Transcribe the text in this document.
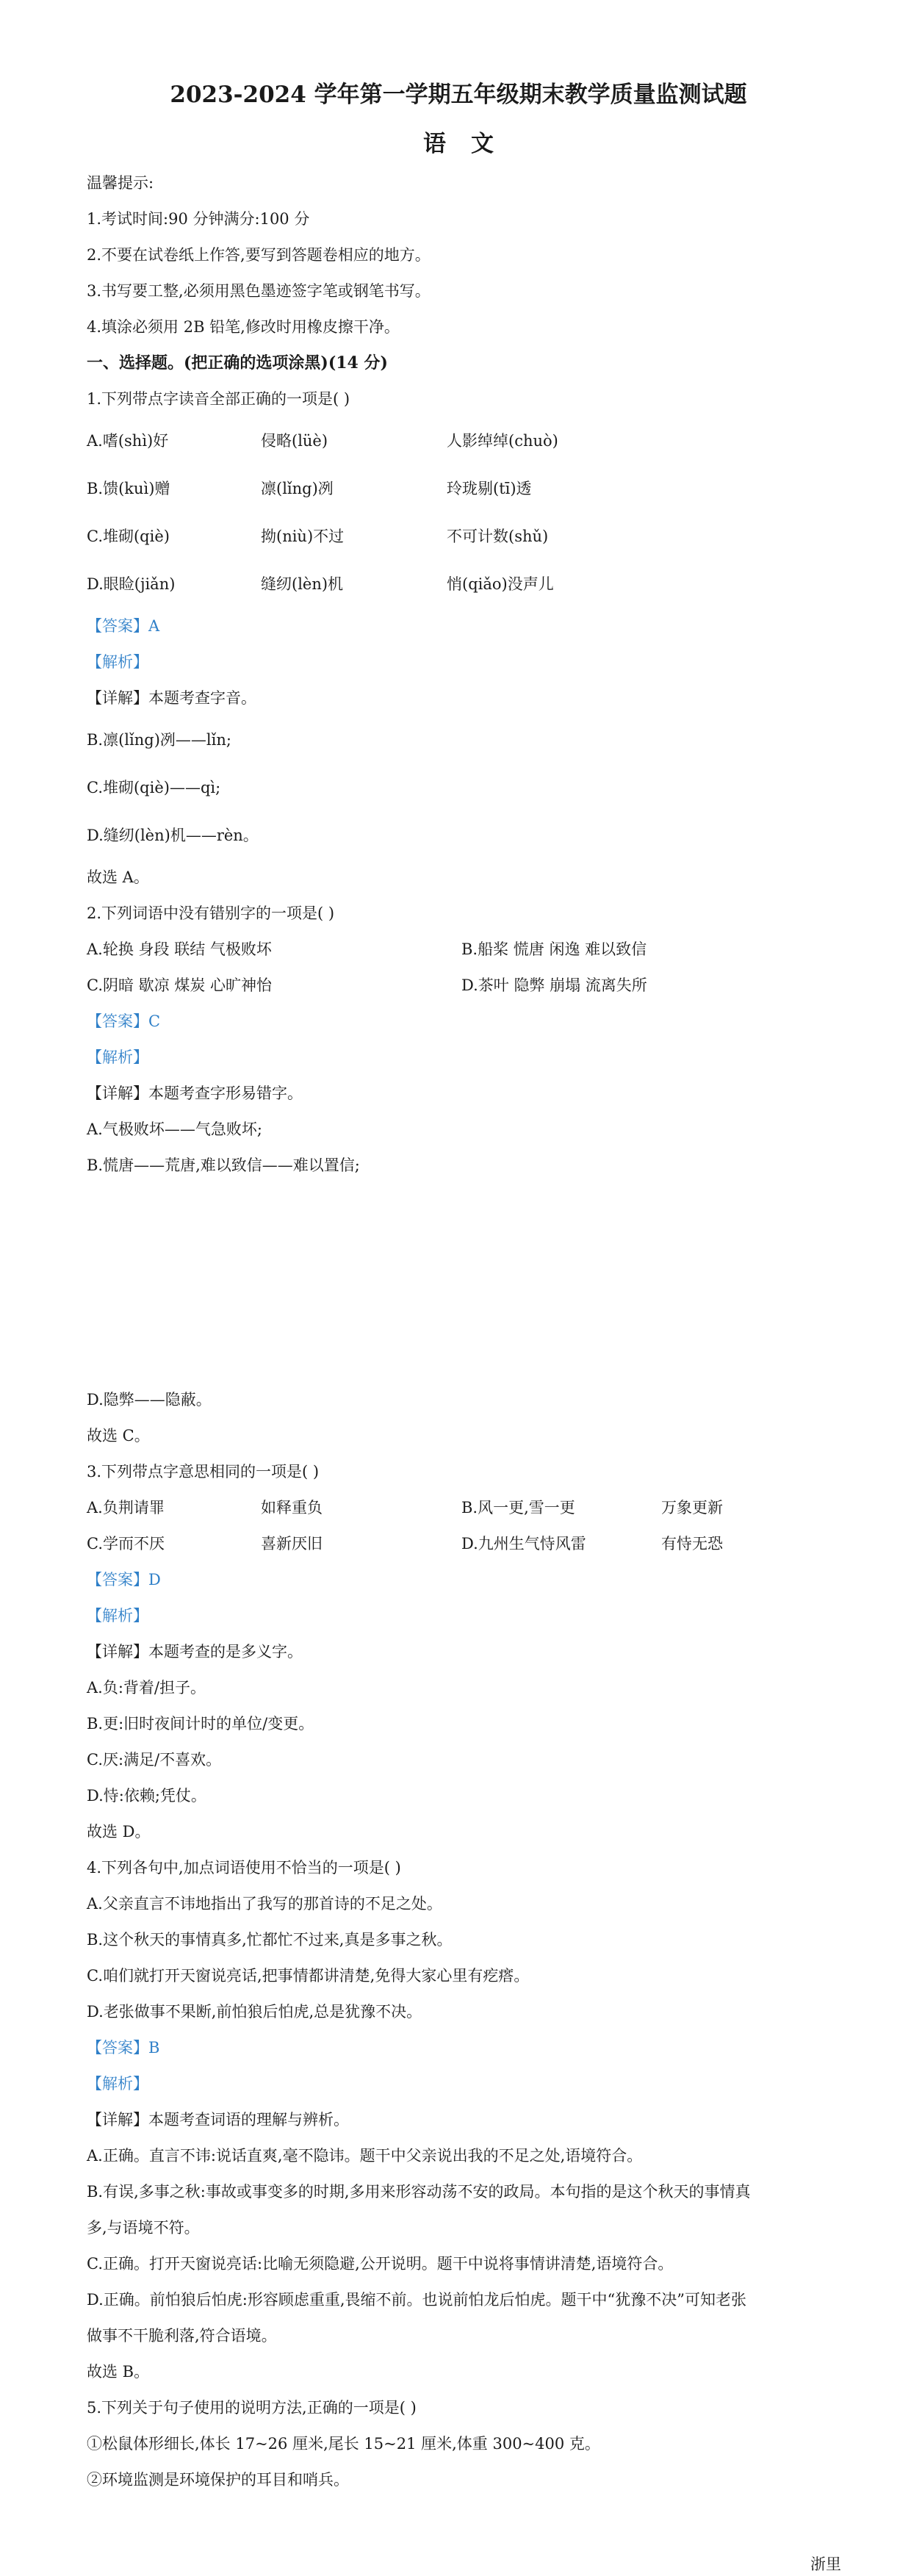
2023-2024 学年第一学期五年级期末教学质量监测试题
语文
温馨提示:
1.考试时间:90 分钟满分:100 分
2.不要在试卷纸上作答,要写到答题卷相应的地方。
3.书写要工整,必须用黑色墨迹签字笔或钢笔书写。
4.填涂必须用 2B 铅笔,修改时用橡皮擦干净。
一、选择题。(把正确的选项涂黑)(14 分)
1.下列带点字读音全部正确的一项是( )
A.嗜(shì)好	侵略(lüè)	人影绰绰(chuò)
B.馈(kuì)赠	凛(lǐng)冽	玲珑剔(tī)透
C.堆砌(qiè)	拗(niù)不过	不可计数(shǔ)
D.眼睑(jiǎn)	缝纫(lèn)机	悄(qiǎo)没声儿
【答案】A
【解析】
【详解】本题考查字音。
B.凛(lǐng)冽——lǐn;
C.堆砌(qiè)——qì;
D.缝纫(lèn)机——rèn。
故选 A。
2.下列词语中没有错别字的一项是( )
A.轮换 身段 联结 气极败坏	B.船桨 慌唐 闲逸 难以致信
C.阴暗 歇凉 煤炭 心旷神怡	D.茶叶 隐弊 崩塌 流离失所
【答案】C
【解析】
【详解】本题考查字形易错字。
A.气极败坏——气急败坏;
B.慌唐——荒唐,难以致信——难以置信;
D.隐弊——隐蔽。
故选 C。
3.下列带点字意思相同的一项是( )
A.负荆请罪	如释重负	B.风一更,雪一更	万象更新
C.学而不厌	喜新厌旧	D.九州生气恃风雷	有恃无恐
【答案】D
【解析】
【详解】本题考查的是多义字。
A.负:背着/担子。
B.更:旧时夜间计时的单位/变更。
C.厌:满足/不喜欢。
D.恃:依赖;凭仗。
故选 D。
4.下列各句中,加点词语使用不恰当的一项是( )
A.父亲直言不讳地指出了我写的那首诗的不足之处。
B.这个秋天的事情真多,忙都忙不过来,真是多事之秋。
C.咱们就打开天窗说亮话,把事情都讲清楚,免得大家心里有疙瘩。
D.老张做事不果断,前怕狼后怕虎,总是犹豫不决。
【答案】B
【解析】
【详解】本题考查词语的理解与辨析。
A.正确。直言不讳:说话直爽,毫不隐讳。题干中父亲说出我的不足之处,语境符合。
B.有误,多事之秋:事故或事变多的时期,多用来形容动荡不安的政局。本句指的是这个秋天的事情真
多,与语境不符。
C.正确。打开天窗说亮话:比喻无须隐避,公开说明。题干中说将事情讲清楚,语境符合。
D.正确。前怕狼后怕虎:形容顾虑重重,畏缩不前。也说前怕龙后怕虎。题干中“犹豫不决”可知老张
做事不干脆利落,符合语境。
故选 B。
5.下列关于句子使用的说明方法,正确的一项是( )
①松鼠体形细长,体长 17~26 厘米,尾长 15~21 厘米,体重 300~400 克。
②环境监测是环境保护的耳目和哨兵。
浙里
